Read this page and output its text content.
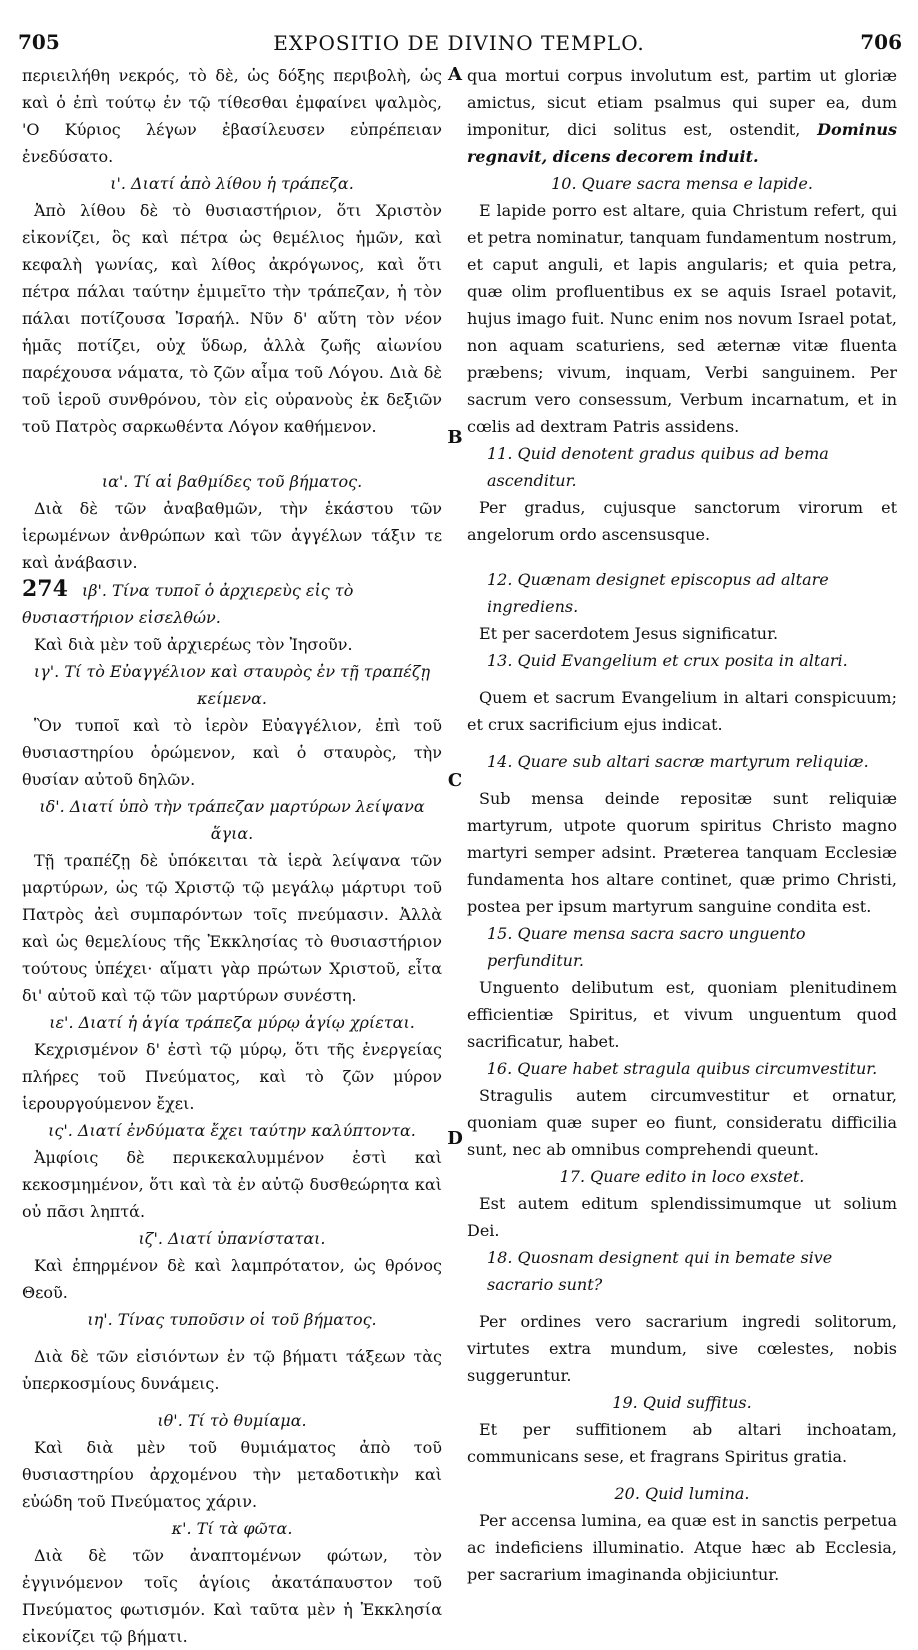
705	EXPOSITIO DE DIVINO TEMPLO.	706
A
B
C
D

περιειλήθη νεκρός, τὸ δὲ, ὡς δόξης περιβολὴ, ὡς καὶ ὁ ἐπὶ τούτῳ ἐν τῷ τίθεσθαι ἐμφαίνει ψαλμὸς, 'Ο Κύριος λέγων ἐβασίλευσεν εὐπρέπειαν ἐνεδύσατο.

ι'. Διατί ἀπὸ λίθου ἡ τράπεζα.

Ἀπὸ λίθου δὲ τὸ θυσιαστήριον, ὅτι Χριστὸν εἰκονίζει, ὃς καὶ πέτρα ὡς θεμέλιος ἡμῶν, καὶ κεφαλὴ γωνίας, καὶ λίθος ἀκρόγωνος, καὶ ὅτι πέτρα πάλαι ταύτην ἐμιμεῖτο τὴν τράπεζαν, ἡ τὸν πάλαι ποτίζουσα Ἰσραήλ. Νῦν δ' αὕτη τὸν νέον ἡμᾶς ποτίζει, οὐχ ὕδωρ, ἀλλὰ ζωῆς αἰωνίου παρέχουσα νάματα, τὸ ζῶν αἷμα τοῦ Λόγου. Διὰ δὲ τοῦ ἱεροῦ συνθρόνου, τὸν εἰς οὐρανοὺς ἐκ δεξιῶν τοῦ Πατρὸς σαρκωθέντα Λόγον καθήμενον.

ια'. Τί αἱ βαθμίδες τοῦ βήματος.

Διὰ δὲ τῶν ἀναβαθμῶν, τὴν ἑκάστου τῶν ἱερωμένων ἀνθρώπων καὶ τῶν ἀγγέλων τάξιν τε καὶ ἀνάβασιν.

274 ιβ'. Τίνα τυποῖ ὁ ἀρχιερεὺς εἰς τὸ θυσιαστήριον εἰσελθών.

Καὶ διὰ μὲν τοῦ ἀρχιερέως τὸν Ἰησοῦν.

ιγ'. Τί τὸ Εὐαγγέλιον καὶ σταυρὸς ἐν τῇ τραπέζῃ κείμενα.

Ὃν τυποῖ καὶ τὸ ἱερὸν Εὐαγγέλιον, ἐπὶ τοῦ θυσιαστηρίου ὁρώμενον, καὶ ὁ σταυρὸς, τὴν θυσίαν αὐτοῦ δηλῶν.

ιδ'. Διατί ὑπὸ τὴν τράπεζαν μαρτύρων λείψανα ἅγια.

Τῇ τραπέζῃ δὲ ὑπόκειται τὰ ἱερὰ λείψανα τῶν μαρτύρων, ὡς τῷ Χριστῷ τῷ μεγάλῳ μάρτυρι τοῦ Πατρὸς ἀεὶ συμπαρόντων τοῖς πνεύμασιν. Ἀλλὰ καὶ ὡς θεμελίους τῆς Ἐκκλησίας τὸ θυσιαστήριον τούτους ὑπέχει· αἵματι γὰρ πρώτων Χριστοῦ, εἶτα δι' αὐτοῦ καὶ τῷ τῶν μαρτύρων συνέστη.

ιε'. Διατί ἡ ἁγία τράπεζα μύρῳ ἁγίῳ χρίεται.

Κεχρισμένον δ' ἐστὶ τῷ μύρῳ, ὅτι τῆς ἐνεργείας πλήρες τοῦ Πνεύματος, καὶ τὸ ζῶν μύρον ἱερουργούμενον ἔχει.

ις'. Διατί ἐνδύματα ἔχει ταύτην καλύπτοντα.

Ἀμφίοις δὲ περικεκαλυμμένον ἐστὶ καὶ κεκοσμημένον, ὅτι καὶ τὰ ἐν αὐτῷ δυσθεώρητα καὶ οὐ πᾶσι ληπτά.

ιζ'. Διατί ὑπανίσταται.

Καὶ ἐπηρμένον δὲ καὶ λαμπρότατον, ὡς θρόνος Θεοῦ.

ιη'. Τίνας τυποῦσιν οἱ τοῦ βήματος.

Διὰ δὲ τῶν εἰσιόντων ἐν τῷ βήματι τάξεων τὰς ὑπερκοσμίους δυνάμεις.

ιθ'. Τί τὸ θυμίαμα.

Καὶ διὰ μὲν τοῦ θυμιάματος ἀπὸ τοῦ θυσιαστηρίου ἀρχομένου τὴν μεταδοτικὴν καὶ εὐώδη τοῦ Πνεύματος χάριν.

κ'. Τί τὰ φῶτα.

Διὰ δὲ τῶν ἀναπτομένων φώτων, τὸν ἐγγινόμενον τοῖς ἁγίοις ἀκατάπαυστον τοῦ Πνεύματος φωτισμόν. Καὶ ταῦτα μὲν ἡ Ἐκκλησία εἰκονίζει τῷ βήματι.

qua mortui corpus involutum est, partim ut gloriæ amictus, sicut etiam psalmus qui super ea, dum imponitur, dici solitus est, ostendit, Dominus regnavit, dicens decorem induit.

10. Quare sacra mensa e lapide.

E lapide porro est altare, quia Christum refert, qui et petra nominatur, tanquam fundamentum nostrum, et caput anguli, et lapis angularis; et quia petra, quæ olim profluentibus ex se aquis Israel potavit, hujus imago fuit. Nunc enim nos novum Israel potat, non aquam scaturiens, sed æternæ vitæ fluenta præbens; vivum, inquam, Verbi sanguinem. Per sacrum vero consessum, Verbum incarnatum, et in cœlis ad dextram Patris assidens.

11. Quid denotent gradus quibus ad bema ascenditur.

Per gradus, cujusque sanctorum virorum et angelorum ordo ascensusque.

12. Quænam designet episcopus ad altare ingrediens.

Et per sacerdotem Jesus significatur.

13. Quid Evangelium et crux posita in altari.

Quem et sacrum Evangelium in altari conspicuum; et crux sacrificium ejus indicat.

14. Quare sub altari sacræ martyrum reliquiæ.

Sub mensa deinde repositæ sunt reliquiæ martyrum, utpote quorum spiritus Christo magno martyri semper adsint. Præterea tanquam Ecclesiæ fundamenta hos altare continet, quæ primo Christi, postea per ipsum martyrum sanguine condita est.

15. Quare mensa sacra sacro unguento perfunditur.

Unguento delibutum est, quoniam plenitudinem efficientiæ Spiritus, et vivum unguentum quod sacrificatur, habet.

16. Quare habet stragula quibus circumvestitur.

Stragulis autem circumvestitur et ornatur, quoniam quæ super eo fiunt, consideratu difficilia sunt, nec ab omnibus comprehendi queunt.

17. Quare edito in loco exstet.

Est autem editum splendissimumque ut solium Dei.

18. Quosnam designent qui in bemate sive sacrario sunt?

Per ordines vero sacrarium ingredi solitorum, virtutes extra mundum, sive cœlestes, nobis suggeruntur.

19. Quid suffitus.

Et per suffitionem ab altari inchoatam, communicans sese, et fragrans Spiritus gratia.

20. Quid lumina.

Per accensa lumina, ea quæ est in sanctis perpetua ac indeficiens illuminatio. Atque hæc ab Ecclesia, per sacrarium imaginanda objiciuntur.
